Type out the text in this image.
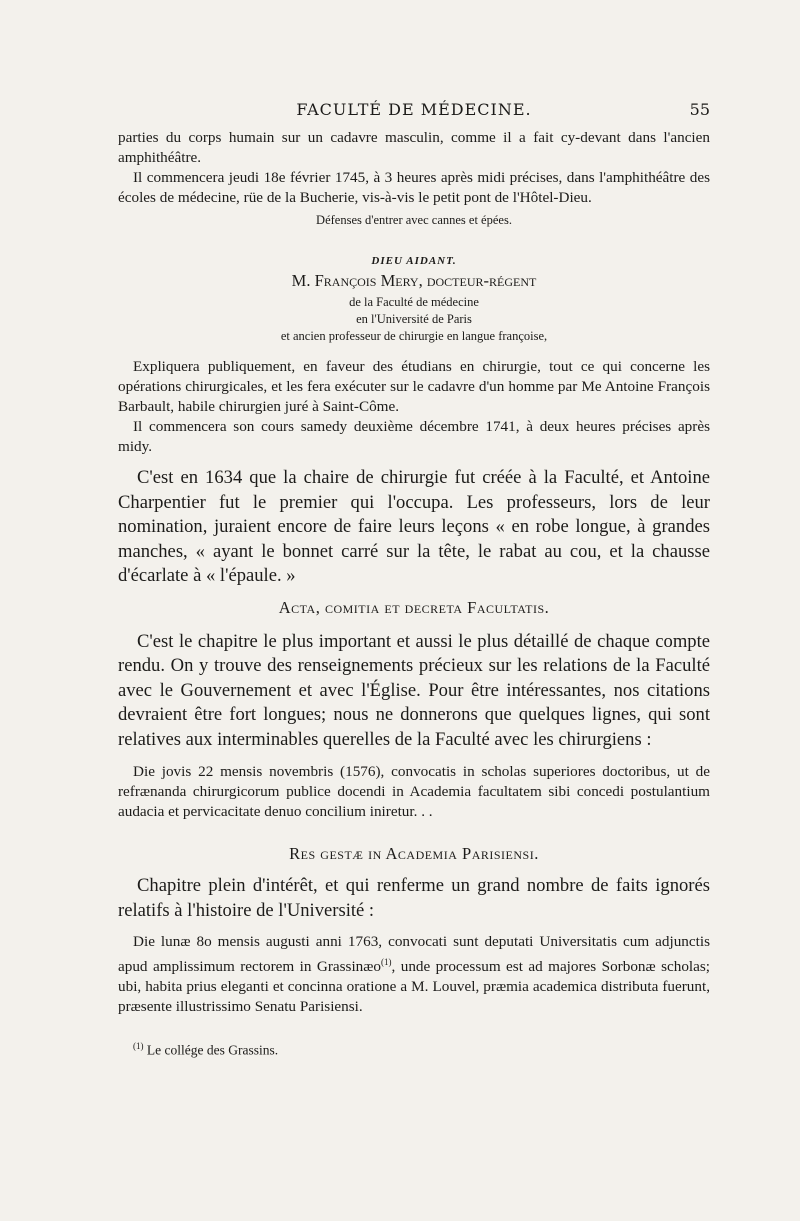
FACULTÉ DE MÉDECINE.	55

parties du corps humain sur un cadavre masculin, comme il a fait cy-devant dans l'ancien amphithéâtre.

Il commencera jeudi 18e février 1745, à 3 heures après midi précises, dans l'amphithéâtre des écoles de médecine, rüe de la Bucherie, vis-à-vis le petit pont de l'Hôtel-Dieu.

Défenses d'entrer avec cannes et épées.

DIEU AIDANT.

M. François Mery, docteur-régent

de la Faculté de médecine

en l'Université de Paris

et ancien professeur de chirurgie en langue françoise,

Expliquera publiquement, en faveur des étudians en chirurgie, tout ce qui concerne les opérations chirurgicales, et les fera exécuter sur le cadavre d'un homme par Me Antoine François Barbault, habile chirurgien juré à Saint-Côme.

Il commencera son cours samedy deuxième décembre 1741, à deux heures précises après midy.

C'est en 1634 que la chaire de chirurgie fut créée à la Faculté, et Antoine Charpentier fut le premier qui l'occupa. Les professeurs, lors de leur nomination, juraient encore de faire leurs leçons « en robe longue, à grandes manches, « ayant le bonnet carré sur la tête, le rabat au cou, et la chausse d'écarlate à « l'épaule. »

Acta, comitia et decreta Facultatis.

C'est le chapitre le plus important et aussi le plus détaillé de chaque compte rendu. On y trouve des renseignements précieux sur les relations de la Faculté avec le Gouvernement et avec l'Église. Pour être intéressantes, nos citations devraient être fort longues; nous ne donnerons que quelques lignes, qui sont relatives aux interminables querelles de la Faculté avec les chirurgiens :

Die jovis 22 mensis novembris (1576), convocatis in scholas superiores doctoribus, ut de refrænanda chirurgicorum publice docendi in Academia facultatem sibi concedi postulantium audacia et pervicacitate denuo concilium iniretur. . .

Res gestæ in Academia Parisiensi.

Chapitre plein d'intérêt, et qui renferme un grand nombre de faits ignorés relatifs à l'histoire de l'Université :

Die lunæ 8o mensis augusti anni 1763, convocati sunt deputati Universitatis cum adjunctis apud amplissimum rectorem in Grassinæo$^{(1)}$, unde processum est ad majores Sorbonæ scholas; ubi, habita prius eleganti et concinna oratione a M. Louvel, præmia academica distributa fuerunt, præsente illustrissimo Senatu Parisiensi.

$^{(1)}$ Le collége des Grassins.
